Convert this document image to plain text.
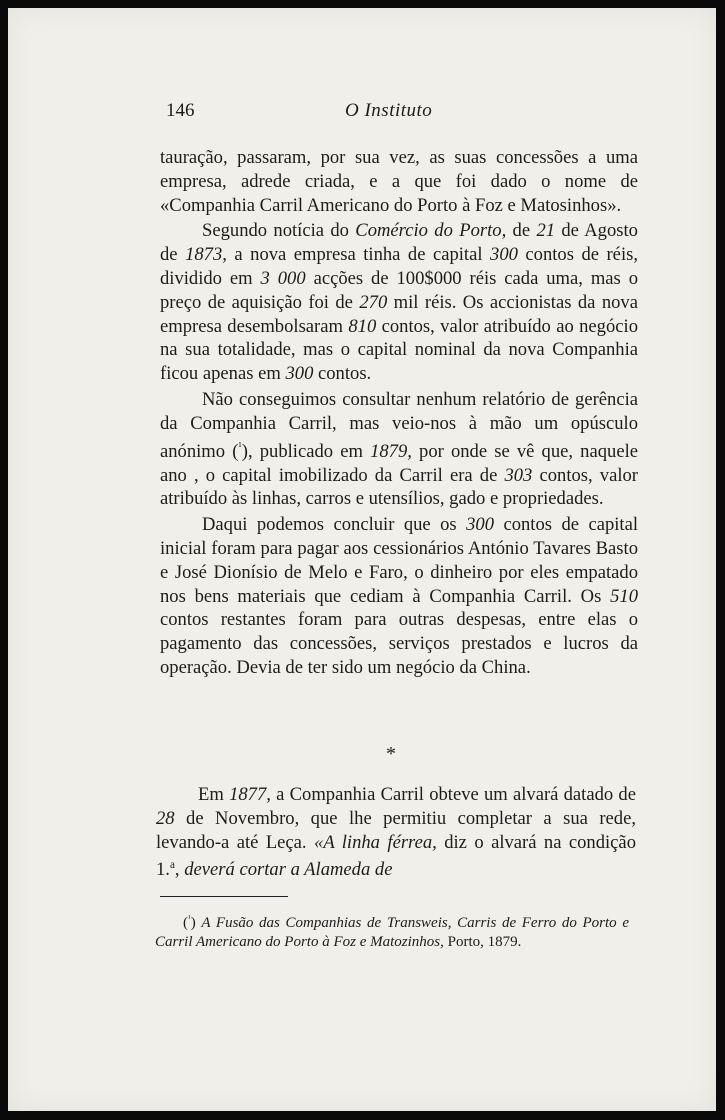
146	O Instituto

tauração, passaram, por sua vez, as suas concessões a uma empresa, adrede criada, e a que foi dado o nome de «Companhia Carril Americano do Porto à Foz e Matosinhos».

Segundo notícia do Comércio do Porto, de 21 de Agosto de 1873, a nova empresa tinha de capital 300 contos de réis, dividido em 3 000 acções de 100$000 réis cada uma, mas o preço de aquisição foi de 270 mil réis. Os accionistas da nova empresa desembolsaram 810 contos, valor atribuído ao negócio na sua totalidade, mas o capital nominal da nova Companhia ficou apenas em 300 contos.

Não conseguimos consultar nenhum relatório de gerência da Companhia Carril, mas veio-nos à mão um opúsculo anónimo ($^{^1}$), publicado em 1879, por onde se vê que, naquele ano , o capital imobilizado da Carril era de 303 contos, valor atribuído às linhas, carros e utensílios, gado e propriedades.

Daqui podemos concluir que os 300 contos de capital inicial foram para pagar aos cessionários António Tavares Basto e José Dionísio de Melo e Faro, o dinheiro por eles empatado nos bens materiais que cediam à Companhia Carril. Os 510 contos restantes foram para outras despesas, entre elas o pagamento das concessões, serviços prestados e lucros da operação. Devia de ter sido um negócio da China.

*

Em 1877, a Companhia Carril obteve um alvará datado de 28 de Novembro, que lhe permitiu completar a sua rede, levando-a até Leça. «A linha férrea, diz o alvará na condição 1.$^a$, deverá cortar a Alameda de

($^{^1}$) A Fusão das Companhias de Transweis, Carris de Ferro do Porto e Carril Americano do Porto à Foz e Matozinhos, Porto, 1879.
